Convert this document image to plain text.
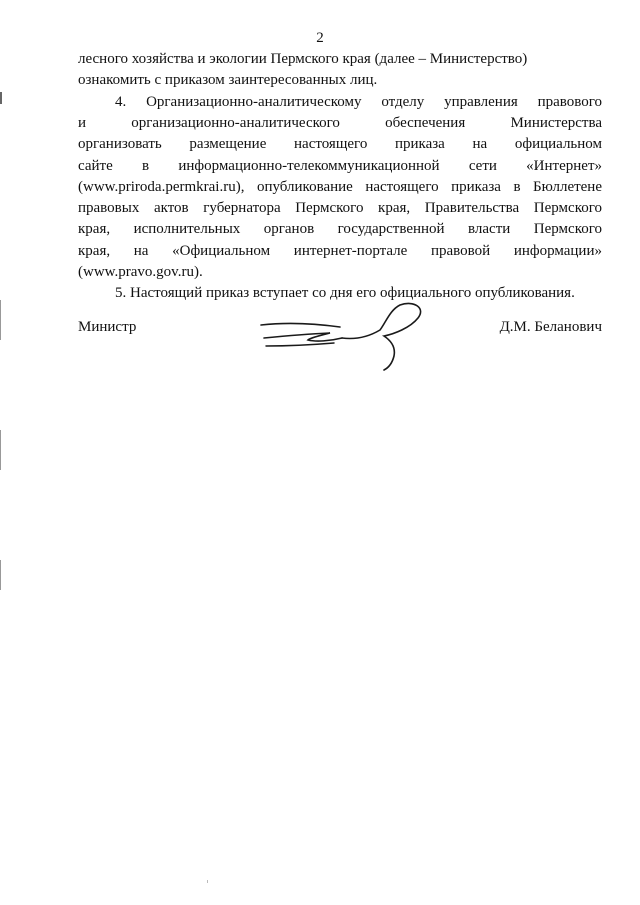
2
лесного хозяйства и экологии Пермского края (далее – Министерство)
ознакомить с приказом заинтересованных лиц.
4. Организационно-аналитическому отделу управления правового
и организационно-аналитического обеспечения Министерства
организовать размещение настоящего приказа на официальном
сайте в информационно-телекоммуникационной сети «Интернет»
(www.priroda.permkrai.ru), опубликование настоящего приказа в Бюллетене
правовых актов губернатора Пермского края, Правительства Пермского
края, исполнительных органов государственной власти Пермского
края, на «Официальном интернет-портале правовой информации»
(www.pravo.gov.ru).
5. Настоящий приказ вступает со дня его официального опубликования.
Министр	Д.М. Беланович
